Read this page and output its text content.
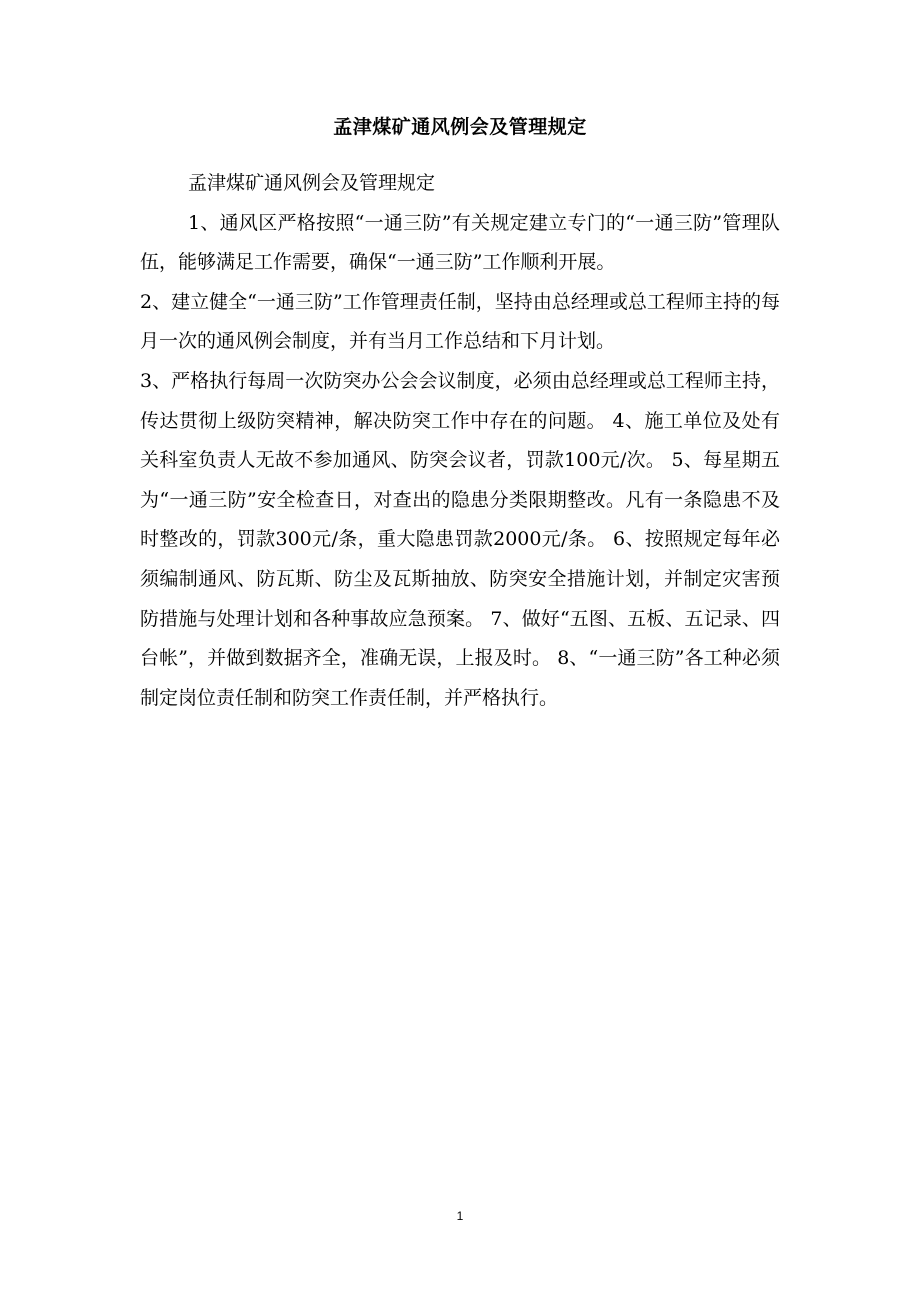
孟津煤矿通风例会及管理规定
孟津煤矿通风例会及管理规定
1、通风区严格按照“一通三防”有关规定建立专门的“一通三防”管理队伍，能够满足工作需要，确保“一通三防”工作顺利开展。
2、建立健全“一通三防”工作管理责任制，坚持由总经理或总工程师主持的每月一次的通风例会制度，并有当月工作总结和下月计划。
3、严格执行每周一次防突办公会会议制度，必须由总经理或总工程师主持，传达贯彻上级防突精神，解决防突工作中存在的问题。 4、施工单位及处有关科室负责人无故不参加通风、防突会议者，罚款100元/次。 5、每星期五为“一通三防”安全检查日，对查出的隐患分类限期整改。凡有一条隐患不及时整改的，罚款300元/条，重大隐患罚款2000元/条。 6、按照规定每年必须编制通风、防瓦斯、防尘及瓦斯抽放、防突安全措施计划，并制定灾害预防措施与处理计划和各种事故应急预案。 7、做好“五图、五板、五记录、四台帐”，并做到数据齐全，准确无误，上报及时。 8、“一通三防”各工种必须制定岗位责任制和防突工作责任制，并严格执行。
1
